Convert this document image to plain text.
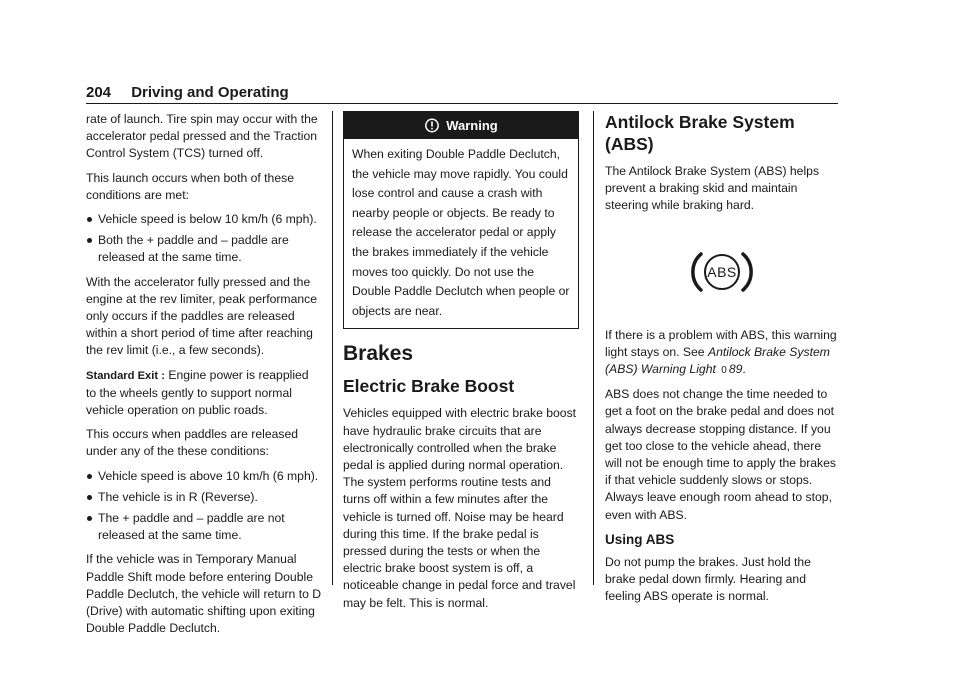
204 Driving and Operating

rate of launch. Tire spin may occur with the accelerator pedal pressed and the Traction Control System (TCS) turned off.

This launch occurs when both of these conditions are met:

Vehicle speed is below 10 km/h (6 mph).
Both the + paddle and – paddle are released at the same time.

With the accelerator fully pressed and the engine at the rev limiter, peak performance only occurs if the paddles are released within a short period of time after reaching the rev limit (i.e., a few seconds).

Standard Exit : Engine power is reapplied to the wheels gently to support normal vehicle operation on public roads.

This occurs when paddles are released under any of the these conditions:

Vehicle speed is above 10 km/h (6 mph).
The vehicle is in R (Reverse).
The + paddle and – paddle are not released at the same time.

If the vehicle was in Temporary Manual Paddle Shift mode before entering Double Paddle Declutch, the vehicle will return to D (Drive) with automatic shifting upon exiting Double Paddle Declutch.

Warning
When exiting Double Paddle Declutch, the vehicle may move rapidly. You could lose control and cause a crash with nearby people or objects. Be ready to release the accelerator pedal or apply the brakes immediately if the vehicle moves too quickly. Do not use the Double Paddle Declutch when people or objects are near.
Brakes
Electric Brake Boost

Vehicles equipped with electric brake boost have hydraulic brake circuits that are electronically controlled when the brake pedal is applied during normal operation. The system performs routine tests and turns off within a few minutes after the vehicle is turned off. Noise may be heard during this time. If the brake pedal is pressed during the tests or when the electric brake boost system is off, a noticeable change in pedal force and travel may be felt. This is normal.

Antilock Brake System (ABS)

The Antilock Brake System (ABS) helps prevent a braking skid and maintain steering while braking hard.

ABS

If there is a problem with ABS, this warning light stays on. See Antilock Brake System (ABS) Warning Light 0 89.

ABS does not change the time needed to get a foot on the brake pedal and does not always decrease stopping distance. If you get too close to the vehicle ahead, there will not be enough time to apply the brakes if that vehicle suddenly slows or stops. Always leave enough room ahead to stop, even with ABS.

Using ABS

Do not pump the brakes. Just hold the brake pedal down firmly. Hearing and feeling ABS operate is normal.
